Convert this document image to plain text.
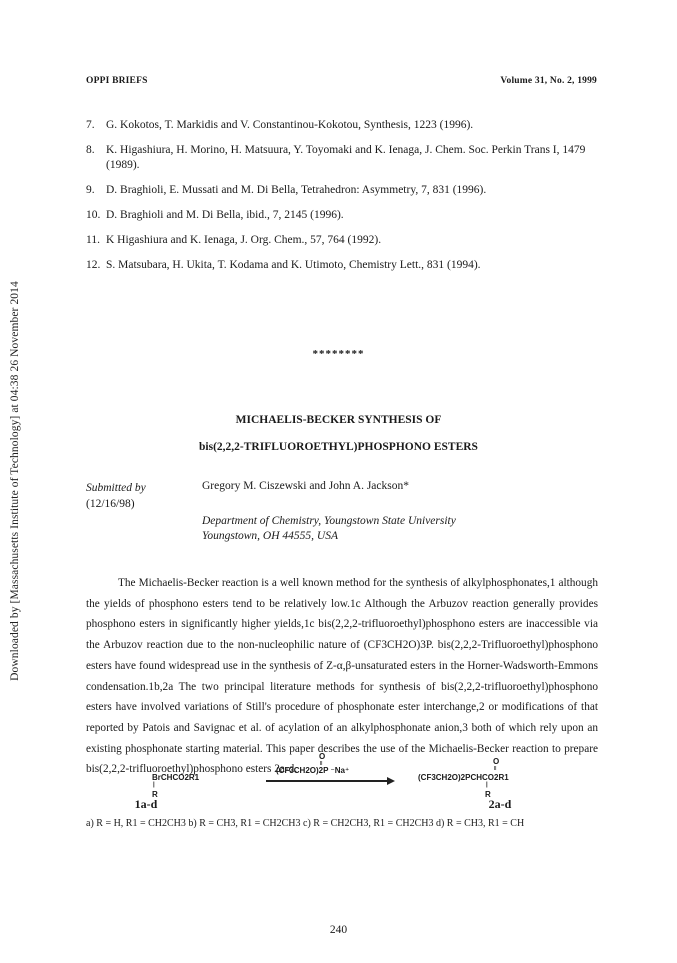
Downloaded by [Massachusetts Institute of Technology] at 04:38 26 November 2014
OPPI BRIEFS	Volume 31, No. 2, 1999
7. G. Kokotos, T. Markidis and V. Constantinou-Kokotou, Synthesis, 1223 (1996).
8. K. Higashiura, H. Morino, H. Matsuura, Y. Toyomaki and K. Ienaga, J. Chem. Soc. Perkin Trans I, 1479 (1989).
9. D. Braghioli, E. Mussati and M. Di Bella, Tetrahedron: Asymmetry, 7, 831 (1996).
10. D. Braghioli and M. Di Bella, ibid., 7, 2145 (1996).
11. K Higashiura and K. Ienaga, J. Org. Chem., 57, 764 (1992).
12. S. Matsubara, H. Ukita, T. Kodama and K. Utimoto, Chemistry Lett., 831 (1994).
********
MICHAELIS-BECKER SYNTHESIS OF
bis(2,2,2-TRIFLUOROETHYL)PHOSPHONO ESTERS
Submitted by
(12/16/98)
Gregory M. Ciszewski and John A. Jackson*
Department of Chemistry, Youngstown State University
Youngstown, OH 44555, USA
The Michaelis-Becker reaction is a well known method for the synthesis of alkylphosphonates,1 although the yields of phosphono esters tend to be relatively low.1c Although the Arbuzov reaction generally provides phosphono esters in significantly higher yields,1c bis(2,2,2-trifluoroethyl)phosphono esters are inaccessible via the Arbuzov reaction due to the non-nucleophilic nature of (CF3CH2O)3P. bis(2,2,2-Trifluoroethyl)phosphono esters have found widespread use in the synthesis of Z-α,β-unsaturated esters in the Horner-Wadsworth-Emmons condensation.1b,2a The two principal literature methods for synthesis of bis(2,2,2-trifluoroethyl)phosphono esters have involved variations of Still's procedure of phosphonate ester interchange,2 or modifications of that reported by Patois and Savignac et al. of acylation of an alkylphosphonate anion,3 both of which rely upon an existing phosphonate starting material. This paper describes the use of the Michaelis-Becker reaction to prepare bis(2,2,2-trifluoroethyl)phosphono esters 2a-d.
O
‖
(CF3CH2O)2P ⁻Na⁺
BrCHCO2R1
|
R
O
‖
(CF3CH2O)2PCHCO2R1
|
R
1a-d	2a-d
a) R = H, R1 = CH2CH3 b) R = CH3, R1 = CH2CH3 c) R = CH2CH3, R1 = CH2CH3 d) R = CH3, R1 = CH
240
